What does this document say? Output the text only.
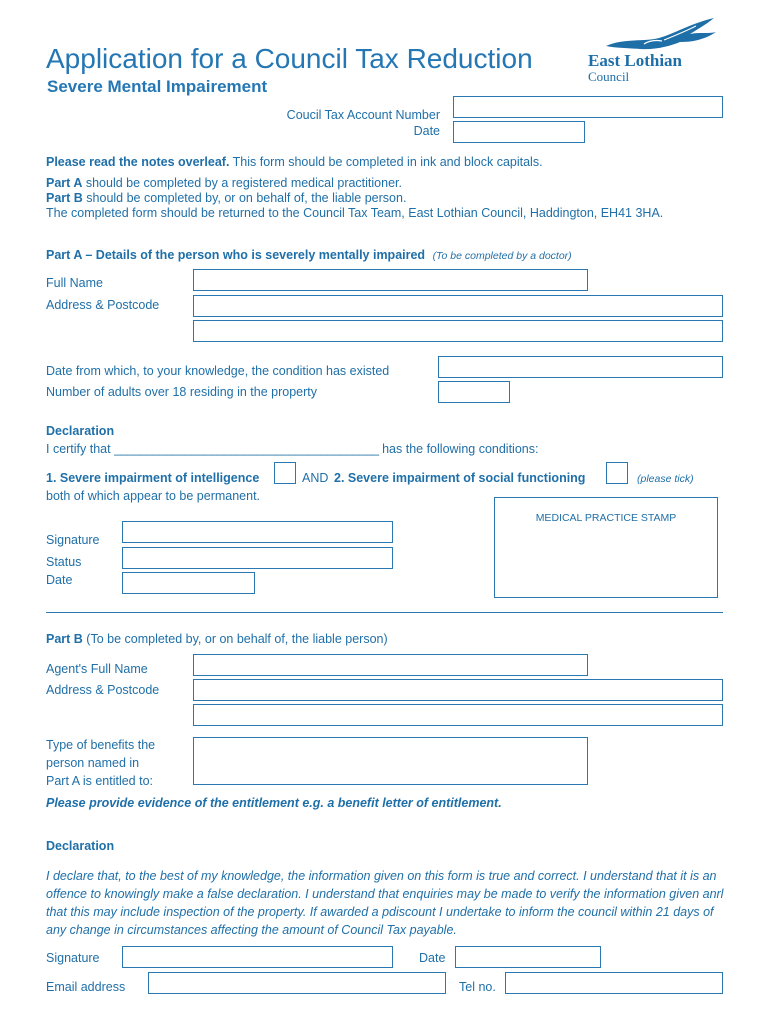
Application for a Council Tax Reduction
Severe Mental Impairement
East Lothian
Council
Coucil Tax Account Number
Date
Please read the notes overleaf. This form should be completed in ink and block capitals.
Part A should be completed by a registered medical practitioner.
Part B should be completed by, or on behalf of, the liable person.
The completed form should be returned to the Council Tax Team, East Lothian Council, Haddington, EH41 3HA.
Part A – Details of the person who is severely mentally impaired (To be completed by a doctor)
Full Name
Address & Postcode
Date from which, to your knowledge, the condition has existed
Number of adults over 18 residing in the property
Declaration
I certify that _________________________________________ has the following conditions:
1. Severe impairment of intelligence	AND 2. Severe impairment of social functioning	(please tick)
both of which appear to be permanent.
MEDICAL PRACTICE STAMP
Signature
Status
Date
Part B (To be completed by, or on behalf of, the liable person)
Agent's Full Name
Address & Postcode
Type of benefits the
person named in
Part A is entitled to:
Please provide evidence of the entitlement e.g. a benefit letter of entitlement.
Declaration
I declare that, to the best of my knowledge, the information given on this form is true and correct. I understand that it is an offence to knowingly make a false declaration. I understand that enquiries may be made to verify the information given anrl that this may include inspection of the property. If awarded a pdiscount I undertake to inform the council within 21 days of any change in circumstances affecting the amount of Council Tax payable.
Signature	Date
Email address	Tel no.
